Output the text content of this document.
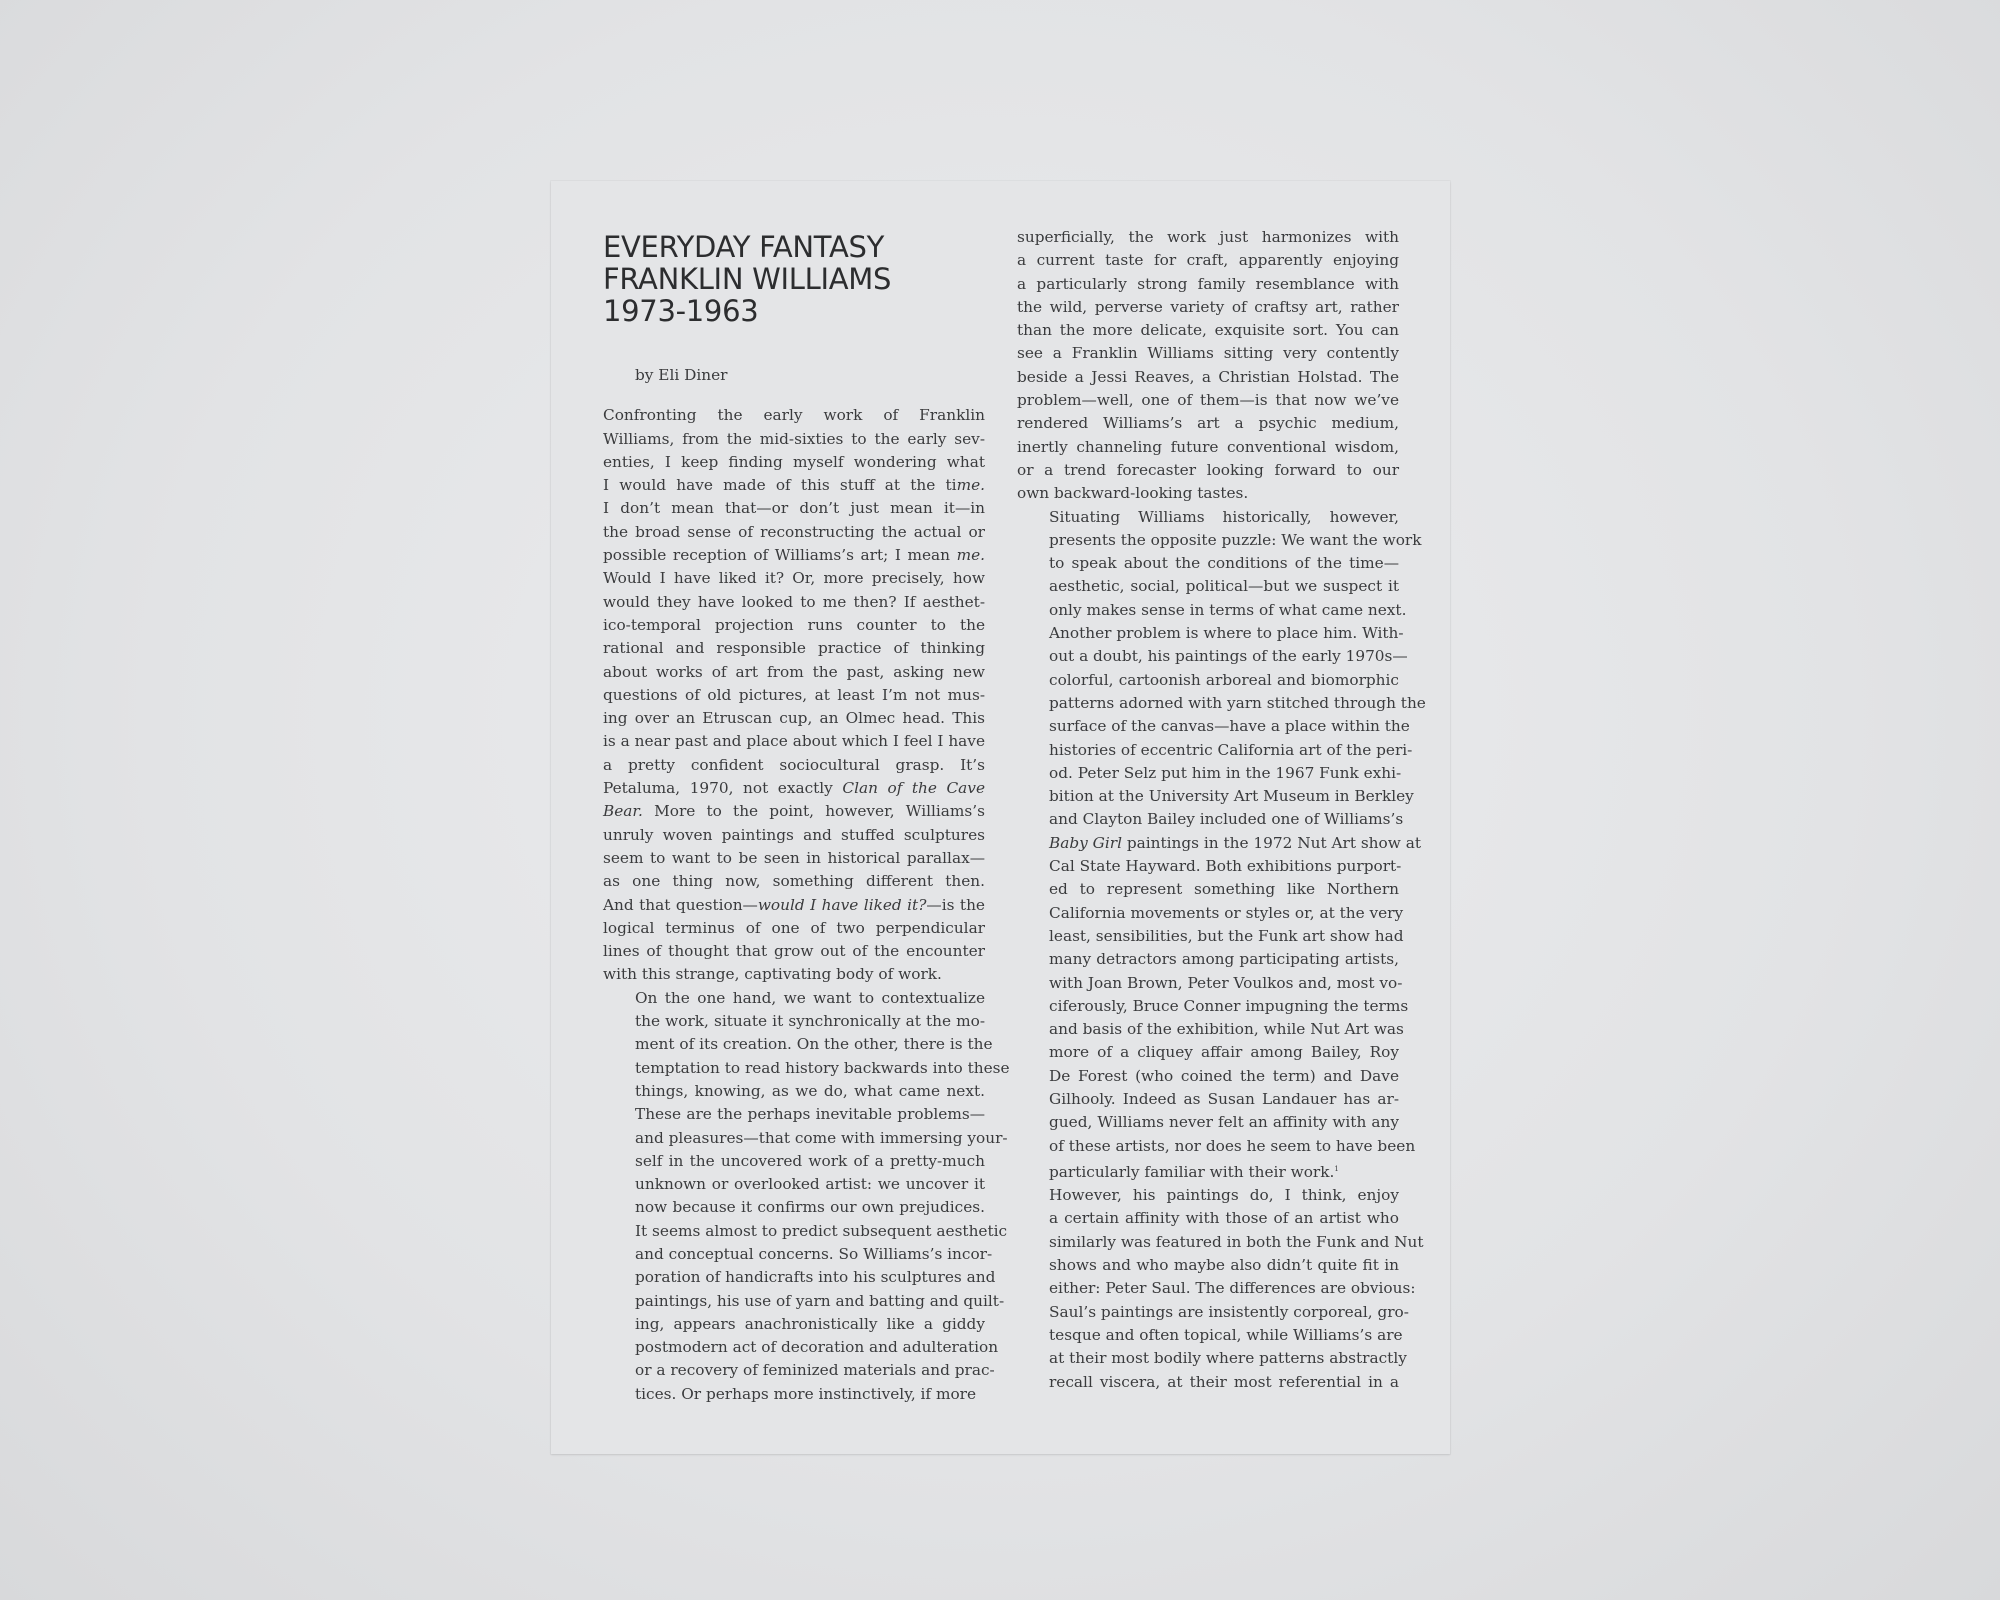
EVERYDAY FANTASY
FRANKLIN WILLIAMS
1973-1963
by Eli Diner

Confronting the early work of Franklin
Williams, from the mid-sixties to the early sev-
enties, I keep finding myself wondering what
I would have made of this stuff at the time.
I don’t mean that—or don’t just mean it—in
the broad sense of reconstructing the actual or
possible reception of Williams’s art; I mean me.
Would I have liked it? Or, more precisely, how
would they have looked to me then? If aesthet-
ico-temporal projection runs counter to the
rational and responsible practice of thinking
about works of art from the past, asking new
questions of old pictures, at least I’m not mus-
ing over an Etruscan cup, an Olmec head. This
is a near past and place about which I feel I have
a pretty confident sociocultural grasp. It’s
Petaluma, 1970, not exactly Clan of the Cave
Bear. More to the point, however, Williams’s
unruly woven paintings and stuffed sculptures
seem to want to be seen in historical parallax—
as one thing now, something different then.
And that question—would I have liked it?—is the
logical terminus of one of two perpendicular
lines of thought that grow out of the encounter
with this strange, captivating body of work.

On the one hand, we want to contextualize
the work, situate it synchronically at the mo-
ment of its creation. On the other, there is the
temptation to read history backwards into these
things, knowing, as we do, what came next.
These are the perhaps inevitable problems—
and pleasures—that come with immersing your-
self in the uncovered work of a pretty-much
unknown or overlooked artist: we uncover it
now because it confirms our own prejudices.
It seems almost to predict subsequent aesthetic
and conceptual concerns. So Williams’s incor-
poration of handicrafts into his sculptures and
paintings, his use of yarn and batting and quilt-
ing, appears anachronistically like a giddy
postmodern act of decoration and adulteration
or a recovery of feminized materials and prac-
tices. Or perhaps more instinctively, if more

superficially, the work just harmonizes with
a current taste for craft, apparently enjoying
a particularly strong family resemblance with
the wild, perverse variety of craftsy art, rather
than the more delicate, exquisite sort. You can
see a Franklin Williams sitting very contently
beside a Jessi Reaves, a Christian Holstad. The
problem—well, one of them—is that now we’ve
rendered Williams’s art a psychic medium,
inertly channeling future conventional wisdom,
or a trend forecaster looking forward to our
own backward-looking tastes.

Situating Williams historically, however,
presents the opposite puzzle: We want the work
to speak about the conditions of the time—
aesthetic, social, political—but we suspect it
only makes sense in terms of what came next.
Another problem is where to place him. With-
out a doubt, his paintings of the early 1970s—
colorful, cartoonish arboreal and biomorphic
patterns adorned with yarn stitched through the
surface of the canvas—have a place within the
histories of eccentric California art of the peri-
od. Peter Selz put him in the 1967 Funk exhi-
bition at the University Art Museum in Berkley
and Clayton Bailey included one of Williams’s
Baby Girl paintings in the 1972 Nut Art show at
Cal State Hayward. Both exhibitions purport-
ed to represent something like Northern
California movements or styles or, at the very
least, sensibilities, but the Funk art show had
many detractors among participating artists,
with Joan Brown, Peter Voulkos and, most vo-
ciferously, Bruce Conner impugning the terms
and basis of the exhibition, while Nut Art was
more of a cliquey affair among Bailey, Roy
De Forest (who coined the term) and Dave
Gilhooly. Indeed as Susan Landauer has ar-
gued, Williams never felt an affinity with any
of these artists, nor does he seem to have been
particularly familiar with their work.$^1$

However, his paintings do, I think, enjoy
a certain affinity with those of an artist who
similarly was featured in both the Funk and Nut
shows and who maybe also didn’t quite fit in
either: Peter Saul. The differences are obvious:
Saul’s paintings are insistently corporeal, gro-
tesque and often topical, while Williams’s are
at their most bodily where patterns abstractly
recall viscera, at their most referential in a
